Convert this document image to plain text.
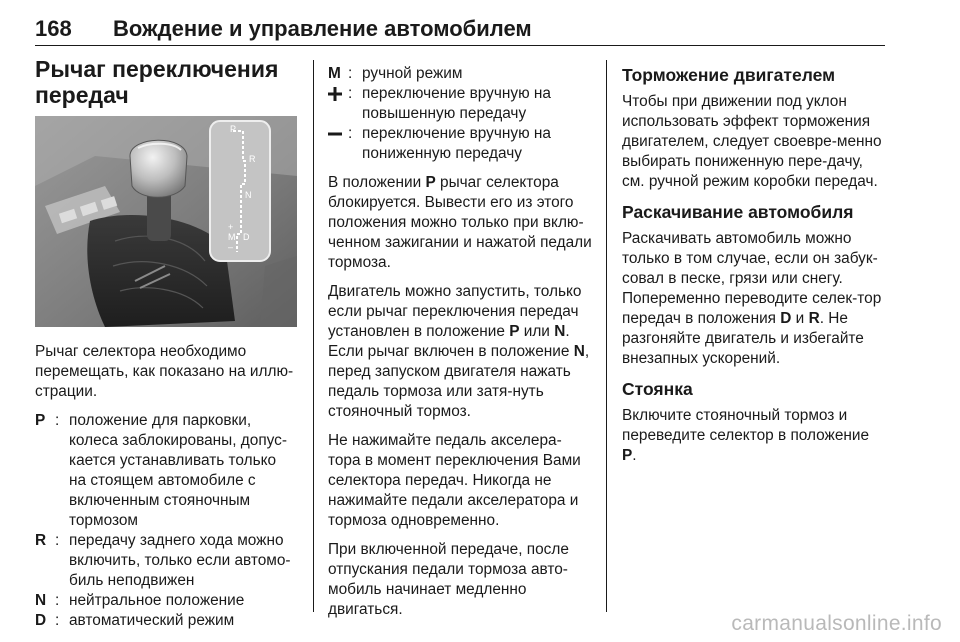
168	Вождение и управление автомобилем
Рычаг переключения
передач
P
R
N
+
M D
–

Рычаг селектора необходимо перемещать, как показано на иллю-страции.

P : положение для парковки, колеса заблокированы, допус-кается устанавливать только на стоящем автомобиле с включенным стояночным тормозом
R : передачу заднего хода можно включить, только если автомо-биль неподвижен
N : нейтральное положение
D : автоматический режим
M : ручной режим
: переключение вручную на повышенную передачу
: переключение вручную на пониженную передачу

В положении P рычаг селектора блокируется. Вывести его из этого положения можно только при вклю-ченном зажигании и нажатой педали тормоза.

Двигатель можно запустить, только если рычаг переключения передач установлен в положение P или N. Если рычаг включен в положение N, перед запуском двигателя нажать педаль тормоза или затя-нуть стояночный тормоз.

Не нажимайте педаль акселера-тора в момент переключения Вами селектора передач. Никогда не нажимайте педали акселератора и тормоза одновременно.

При включенной передаче, после отпускания педали тормоза авто-мобиль начинает медленно двигаться.

Торможение двигателем

Чтобы при движении под уклон использовать эффект торможения двигателем, следует своевре-менно выбирать пониженную пере-дачу, см. ручной режим коробки передач.

Раскачивание автомобиля

Раскачивать автомобиль можно только в том случае, если он забук-совал в песке, грязи или снегу. Попеременно переводите селек-тор передач в положения D и R. Не разгоняйте двигатель и избегайте внезапных ускорений.

Стоянка

Включите стояночный тормоз и переведите селектор в положение P.

carmanualsonline.info
